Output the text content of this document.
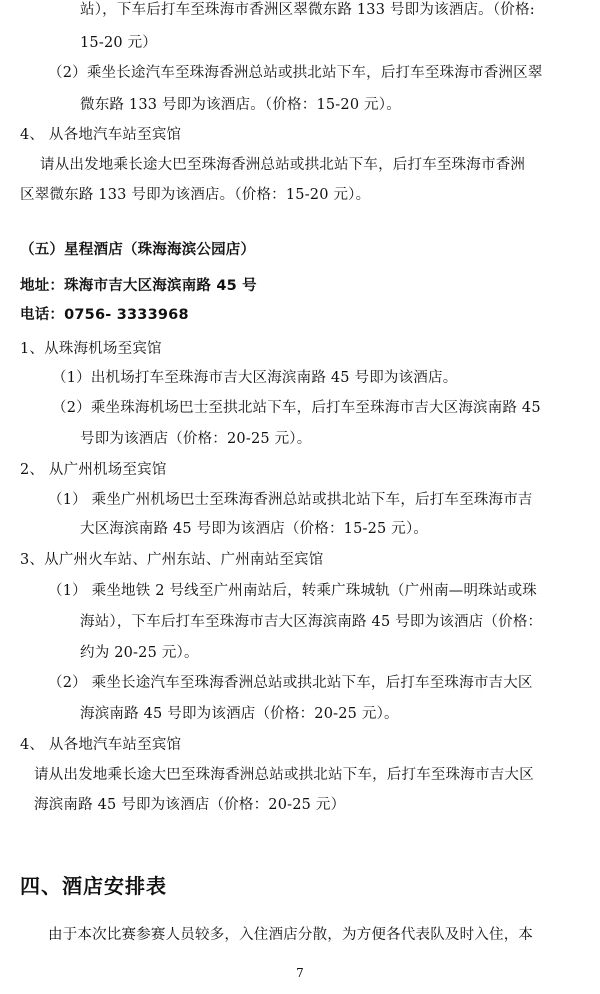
站），下车后打车至珠海市香洲区翠微东路 133 号即为该酒店。（价格:
15-20 元）
（2）乘坐长途汽车至珠海香洲总站或拱北站下车，后打车至珠海市香洲区翠
微东路 133 号即为该酒店。（价格：15-20 元）。
4、 从各地汽车站至宾馆
请从出发地乘长途大巴至珠海香洲总站或拱北站下车，后打车至珠海市香洲
区翠微东路 133 号即为该酒店。（价格：15-20 元）。
（五）星程酒店（珠海海滨公园店）
地址：珠海市吉大区海滨南路 45 号
电话：0756- 3333968
1、从珠海机场至宾馆
（1）出机场打车至珠海市吉大区海滨南路 45 号即为该酒店。
（2）乘坐珠海机场巴士至拱北站下车，后打车至珠海市吉大区海滨南路 45
号即为该酒店（价格：20-25 元）。
2、 从广州机场至宾馆
（1） 乘坐广州机场巴士至珠海香洲总站或拱北站下车，后打车至珠海市吉
大区海滨南路 45 号即为该酒店（价格：15-25 元）。
3、从广州火车站、广州东站、广州南站至宾馆
（1） 乘坐地铁 2 号线至广州南站后，转乘广珠城轨（广州南—明珠站或珠
海站），下车后打车至珠海市吉大区海滨南路 45 号即为该酒店（价格：
约为 20-25 元）。
（2） 乘坐长途汽车至珠海香洲总站或拱北站下车，后打车至珠海市吉大区
海滨南路 45 号即为该酒店（价格：20-25 元）。
4、 从各地汽车站至宾馆
请从出发地乘长途大巴至珠海香洲总站或拱北站下车，后打车至珠海市吉大区
海滨南路 45 号即为该酒店（价格：20-25 元）
四、酒店安排表
由于本次比赛参赛人员较多，入住酒店分散，为方便各代表队及时入住，本
7
